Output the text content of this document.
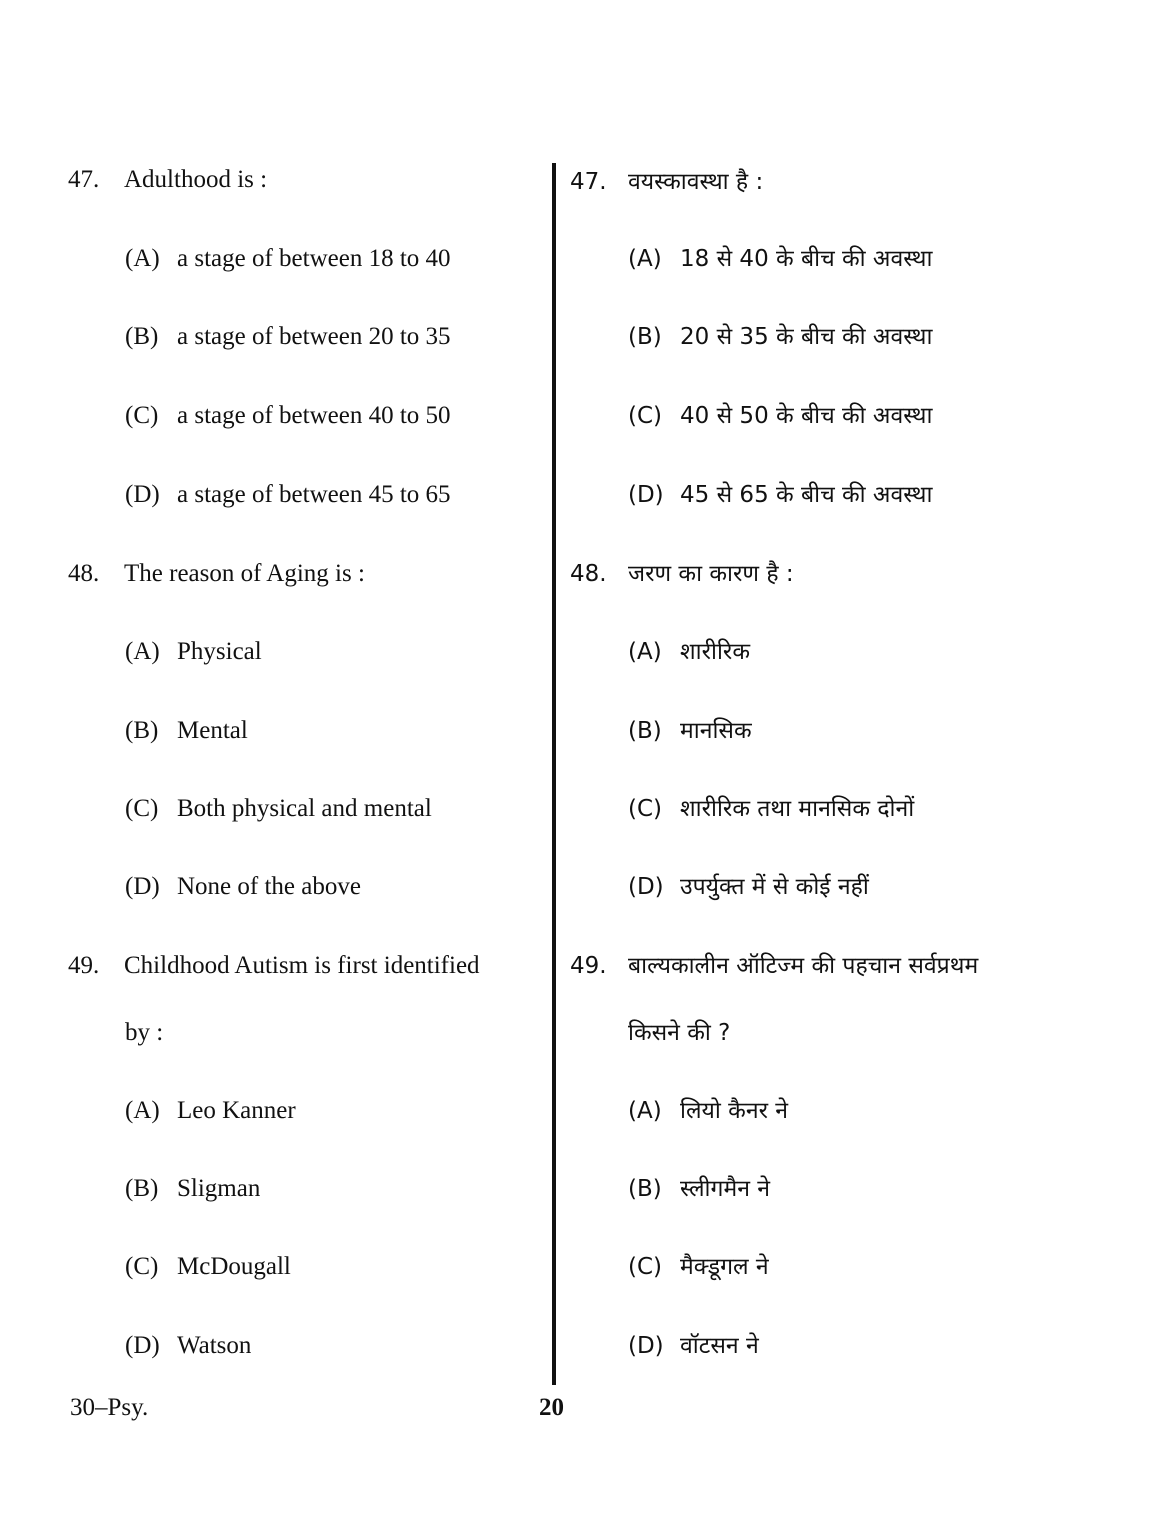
47. Adulthood is :
(A) a stage of between 18 to 40
(B) a stage of between 20 to 35
(C) a stage of between 40 to 50
(D) a stage of between 45 to 65
48. The reason of Aging is :
(A) Physical
(B) Mental
(C) Both physical and mental
(D) None of the above
49. Childhood Autism is first identified
by :
(A) Leo Kanner
(B) Sligman
(C) McDougall
(D) Watson
47. वयस्कावस्था है :
(A) 18 से 40 के बीच की अवस्था
(B) 20 से 35 के बीच की अवस्था
(C) 40 से 50 के बीच की अवस्था
(D) 45 से 65 के बीच की अवस्था
48. जरण का कारण है :
(A) शारीरिक
(B) मानसिक
(C) शारीरिक तथा मानसिक दोनों
(D) उपर्युक्त में से कोई नहीं
49. बाल्यकालीन ऑटिज्म की पहचान सर्वप्रथम
किसने की ?
(A) लियो कैनर ने
(B) स्लीगमैन ने
(C) मैक्डूगल ने
(D) वॉटसन ने
30–Psy.	20
